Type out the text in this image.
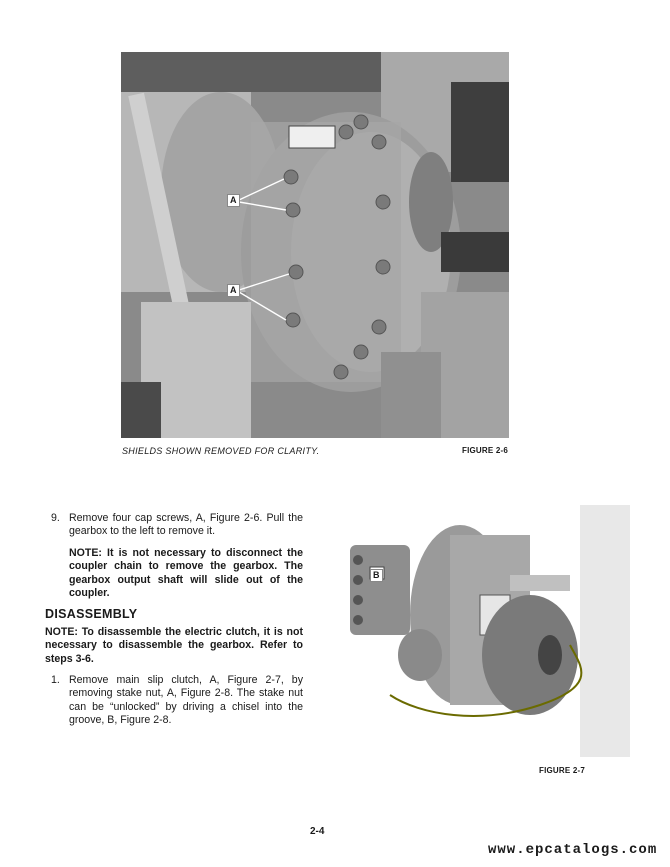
A
A
SHIELDS SHOWN REMOVED FOR CLARITY.	FIGURE 2-6
9. Remove four cap screws, A, Figure 2-6. Pull the gearbox to the left to remove it.
NOTE: It is not necessary to disconnect the coupler chain to remove the gearbox. The gearbox output shaft will slide out of the coupler.
DISASSEMBLY
NOTE: To disassemble the electric clutch, it is not necessary to disassemble the gearbox. Refer to steps 3-6.
1. Remove main slip clutch, A, Figure 2-7, by removing stake nut, A, Figure 2-8. The stake nut can be “unlocked” by driving a chisel into the groove, B, Figure 2-8.
B
FIGURE 2-7
2-4
www.epcatalogs.com
